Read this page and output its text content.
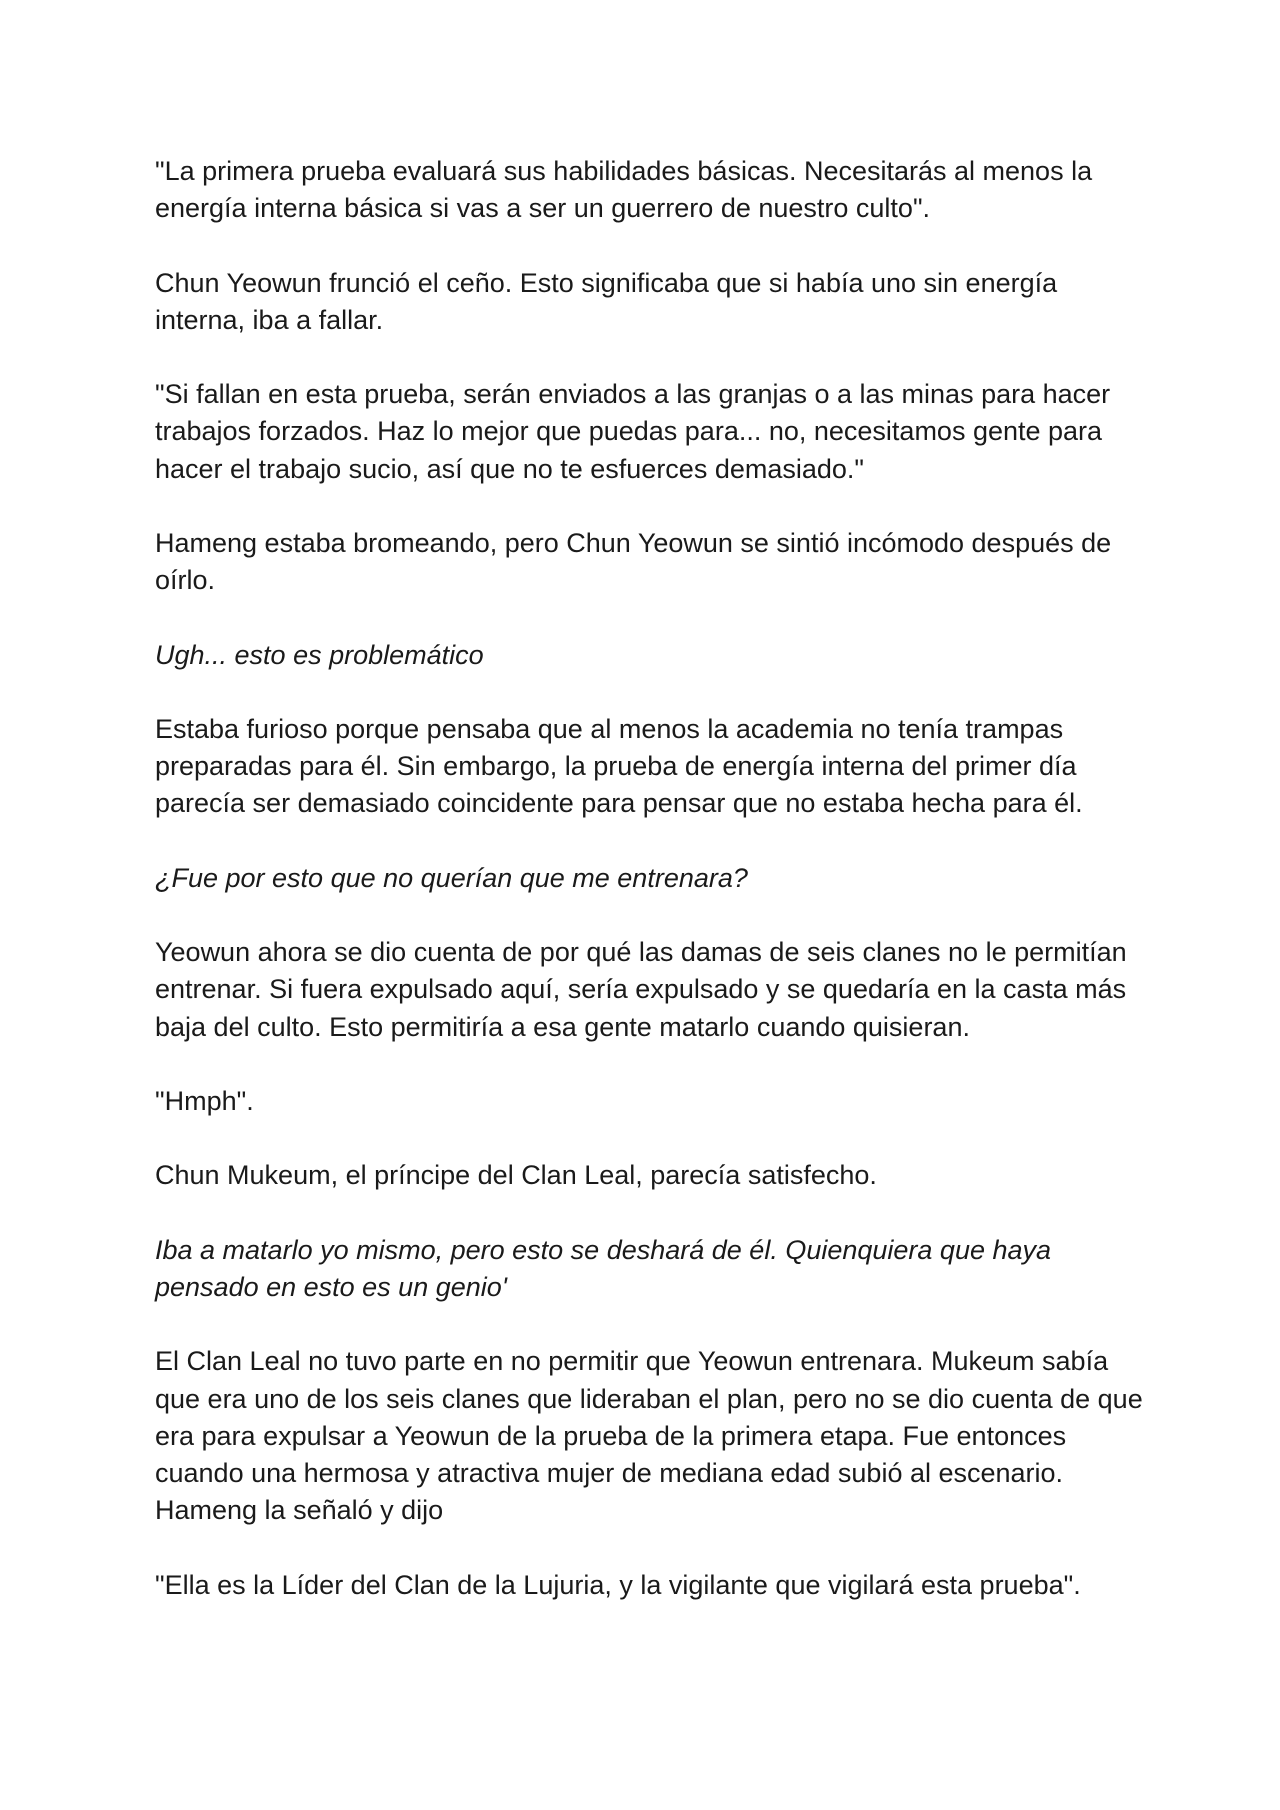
"La primera prueba evaluará sus habilidades básicas. Necesitarás al menos la energía interna básica si vas a ser un guerrero de nuestro culto".

Chun Yeowun frunció el ceño. Esto significaba que si había uno sin energía interna, iba a fallar.

"Si fallan en esta prueba, serán enviados a las granjas o a las minas para hacer trabajos forzados. Haz lo mejor que puedas para... no, necesitamos gente para hacer el trabajo sucio, así que no te esfuerces demasiado."

Hameng estaba bromeando, pero Chun Yeowun se sintió incómodo después de oírlo.

Ugh... esto es problemático

Estaba furioso porque pensaba que al menos la academia no tenía trampas preparadas para él. Sin embargo, la prueba de energía interna del primer día parecía ser demasiado coincidente para pensar que no estaba hecha para él.

¿Fue por esto que no querían que me entrenara?

Yeowun ahora se dio cuenta de por qué las damas de seis clanes no le permitían entrenar. Si fuera expulsado aquí, sería expulsado y se quedaría en la casta más baja del culto. Esto permitiría a esa gente matarlo cuando quisieran.

"Hmph".

Chun Mukeum, el príncipe del Clan Leal, parecía satisfecho.

Iba a matarlo yo mismo, pero esto se deshará de él. Quienquiera que haya pensado en esto es un genio'

El Clan Leal no tuvo parte en no permitir que Yeowun entrenara. Mukeum sabía que era uno de los seis clanes que lideraban el plan, pero no se dio cuenta de que era para expulsar a Yeowun de la prueba de la primera etapa. Fue entonces cuando una hermosa y atractiva mujer de mediana edad subió al escenario. Hameng la señaló y dijo

"Ella es la Líder del Clan de la Lujuria, y la vigilante que vigilará esta prueba".
